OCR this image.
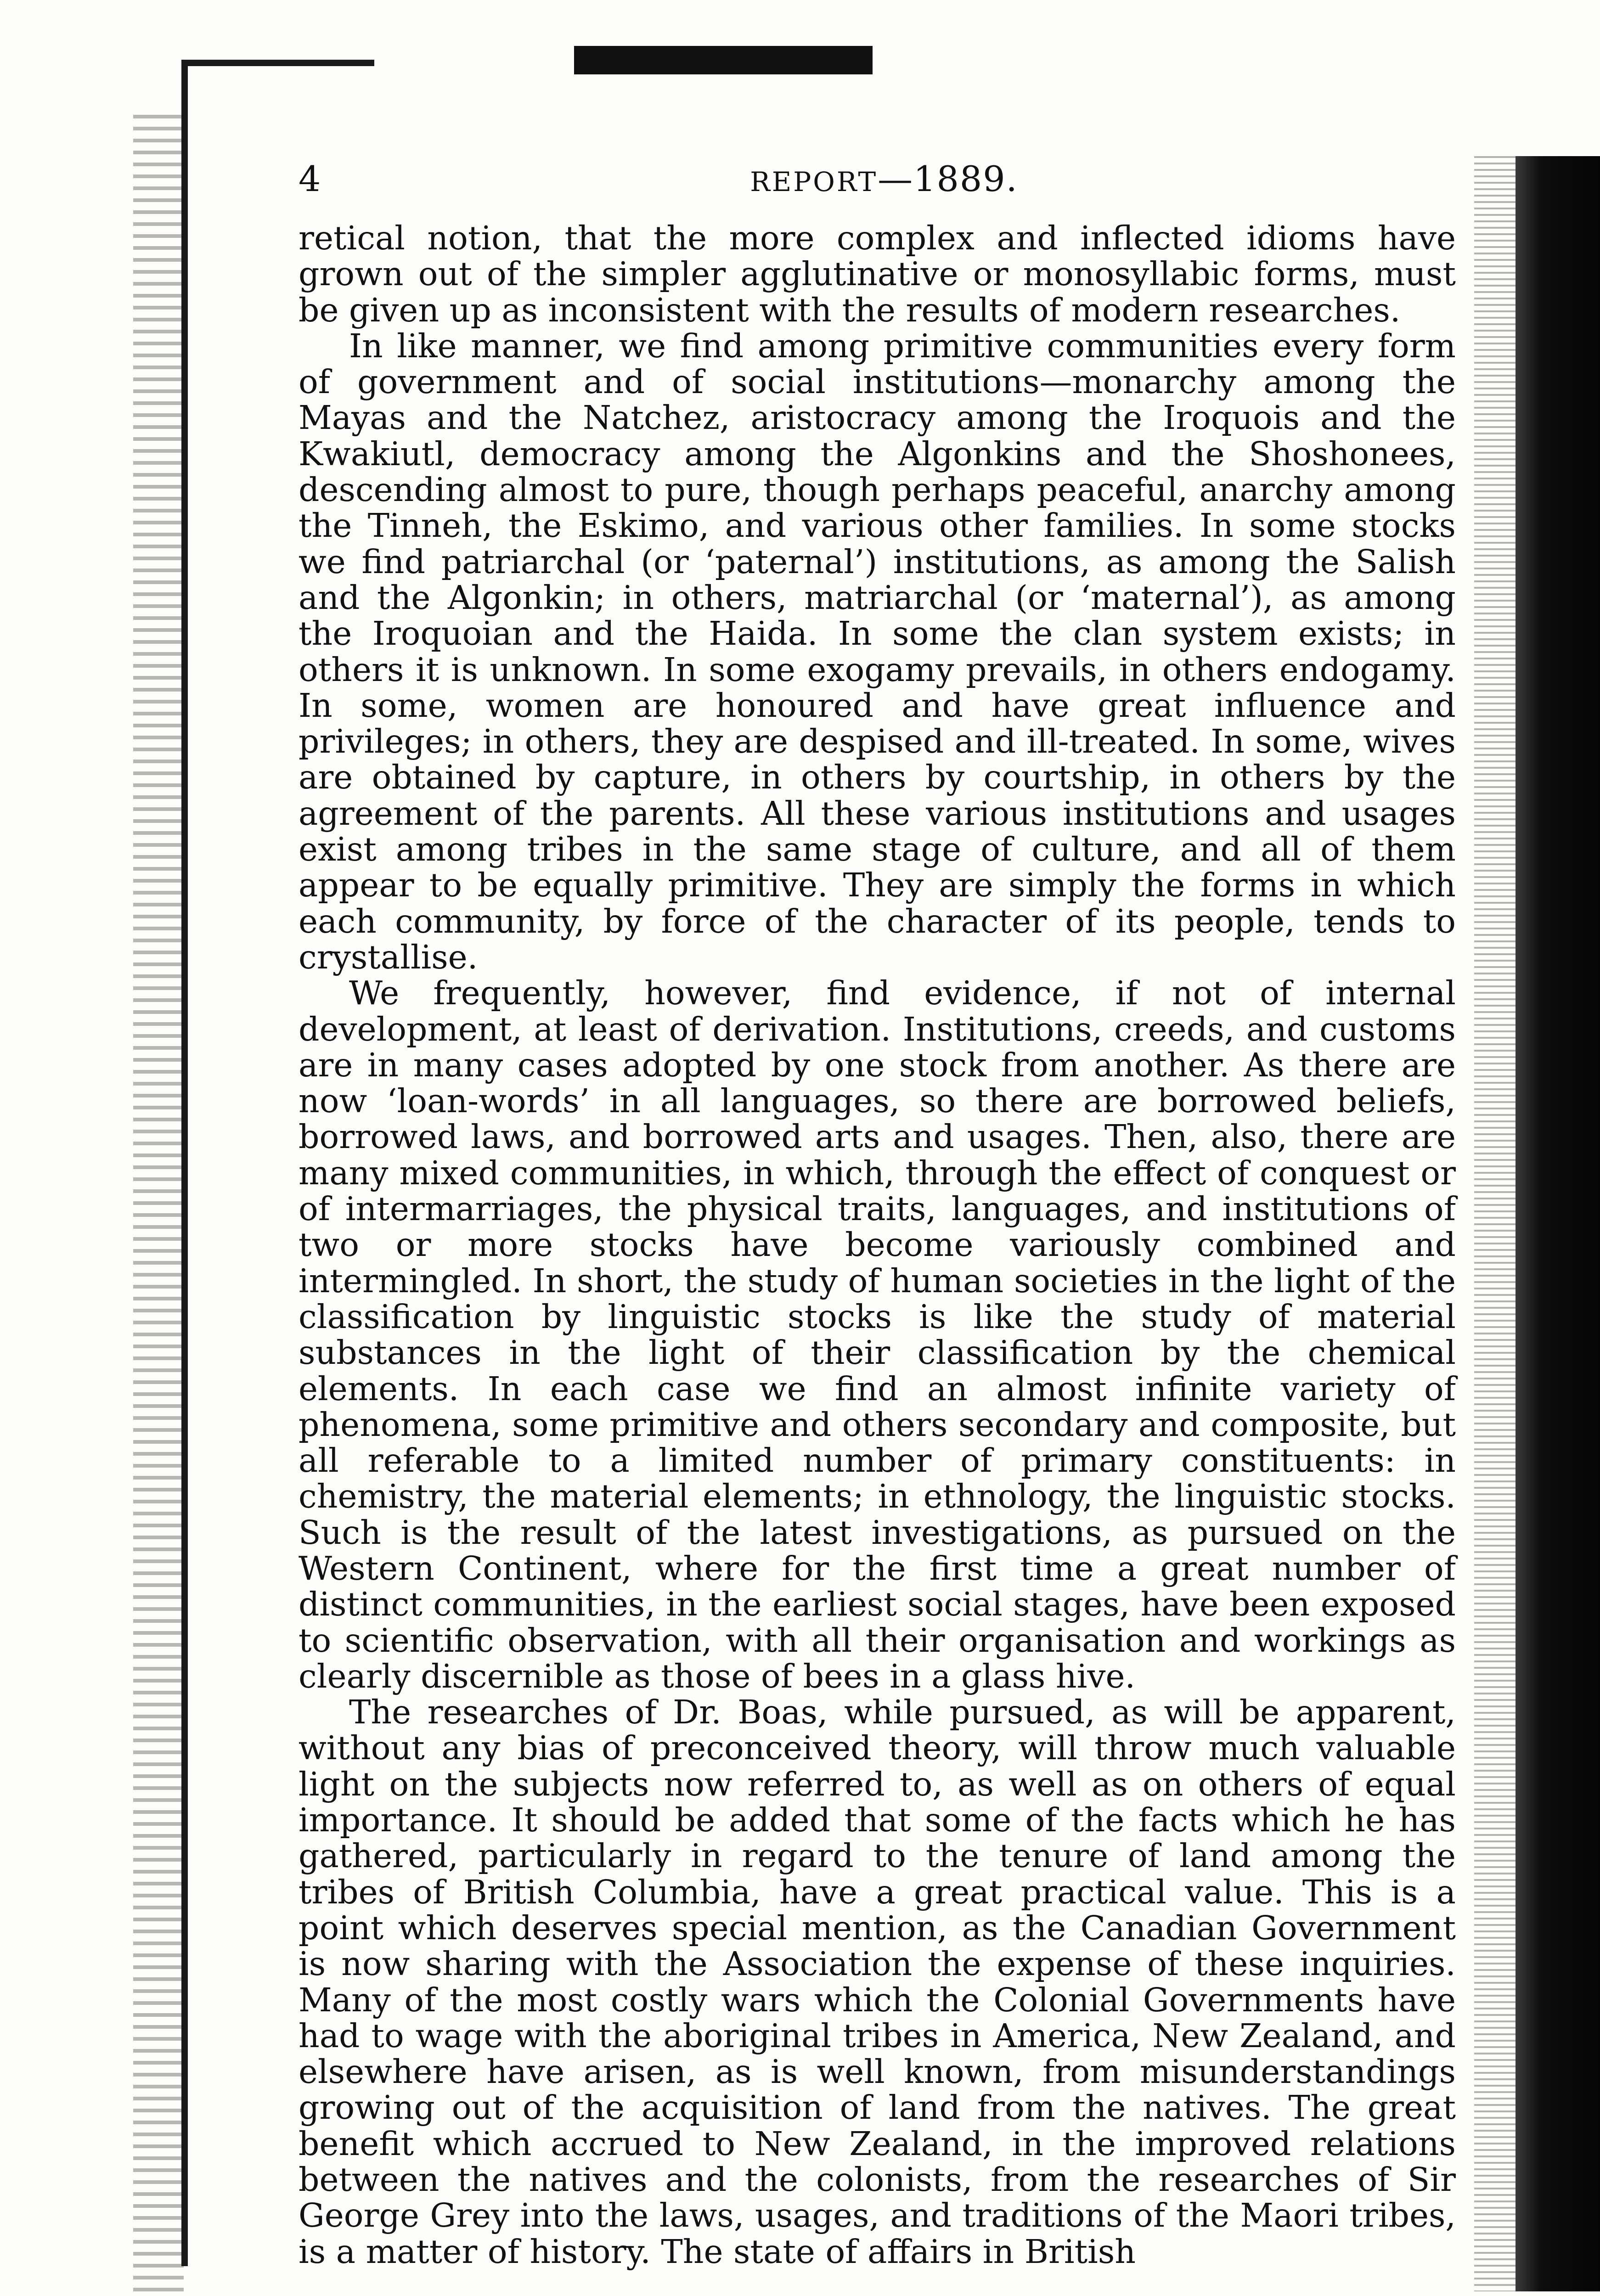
4	REPORT—1889.

retical notion, that the more complex and inflected idioms have grown out of the simpler agglutinative or monosyllabic forms, must be given up as inconsistent with the results of modern researches.

In like manner, we find among primitive communities every form of government and of social institutions—monarchy among the Mayas and the Natchez, aristocracy among the Iroquois and the Kwakiutl, democracy among the Algonkins and the Shoshonees, descending almost to pure, though perhaps peaceful, anarchy among the Tinneh, the Eskimo, and various other families. In some stocks we find patriarchal (or ‘paternal’) institutions, as among the Salish and the Algonkin; in others, matriarchal (or ‘maternal’), as among the Iroquoian and the Haida. In some the clan system exists; in others it is unknown. In some exogamy prevails, in others endogamy. In some, women are honoured and have great influence and privileges; in others, they are despised and ill-treated. In some, wives are obtained by capture, in others by courtship, in others by the agreement of the parents. All these various institutions and usages exist among tribes in the same stage of culture, and all of them appear to be equally primitive. They are simply the forms in which each community, by force of the character of its people, tends to crystallise.

We frequently, however, find evidence, if not of internal development, at least of derivation. Institutions, creeds, and customs are in many cases adopted by one stock from another. As there are now ‘loan-words’ in all languages, so there are borrowed beliefs, borrowed laws, and borrowed arts and usages. Then, also, there are many mixed communities, in which, through the effect of conquest or of intermarriages, the physical traits, languages, and institutions of two or more stocks have become variously combined and intermingled. In short, the study of human societies in the light of the classification by linguistic stocks is like the study of material substances in the light of their classification by the chemical elements. In each case we find an almost infinite variety of phenomena, some primitive and others secondary and composite, but all referable to a limited number of primary constituents: in chemistry, the material elements; in ethnology, the linguistic stocks. Such is the result of the latest investigations, as pursued on the Western Continent, where for the first time a great number of distinct communities, in the earliest social stages, have been exposed to scientific observation, with all their organisation and workings as clearly discernible as those of bees in a glass hive.

The researches of Dr. Boas, while pursued, as will be apparent, without any bias of preconceived theory, will throw much valuable light on the subjects now referred to, as well as on others of equal importance. It should be added that some of the facts which he has gathered, particularly in regard to the tenure of land among the tribes of British Columbia, have a great practical value. This is a point which deserves special mention, as the Canadian Government is now sharing with the Association the expense of these inquiries. Many of the most costly wars which the Colonial Governments have had to wage with the aboriginal tribes in America, New Zealand, and elsewhere have arisen, as is well known, from misunderstandings growing out of the acquisition of land from the natives. The great benefit which accrued to New Zealand, in the improved relations between the natives and the colonists, from the researches of Sir George Grey into the laws, usages, and traditions of the Maori tribes, is a matter of history. The state of affairs in British
